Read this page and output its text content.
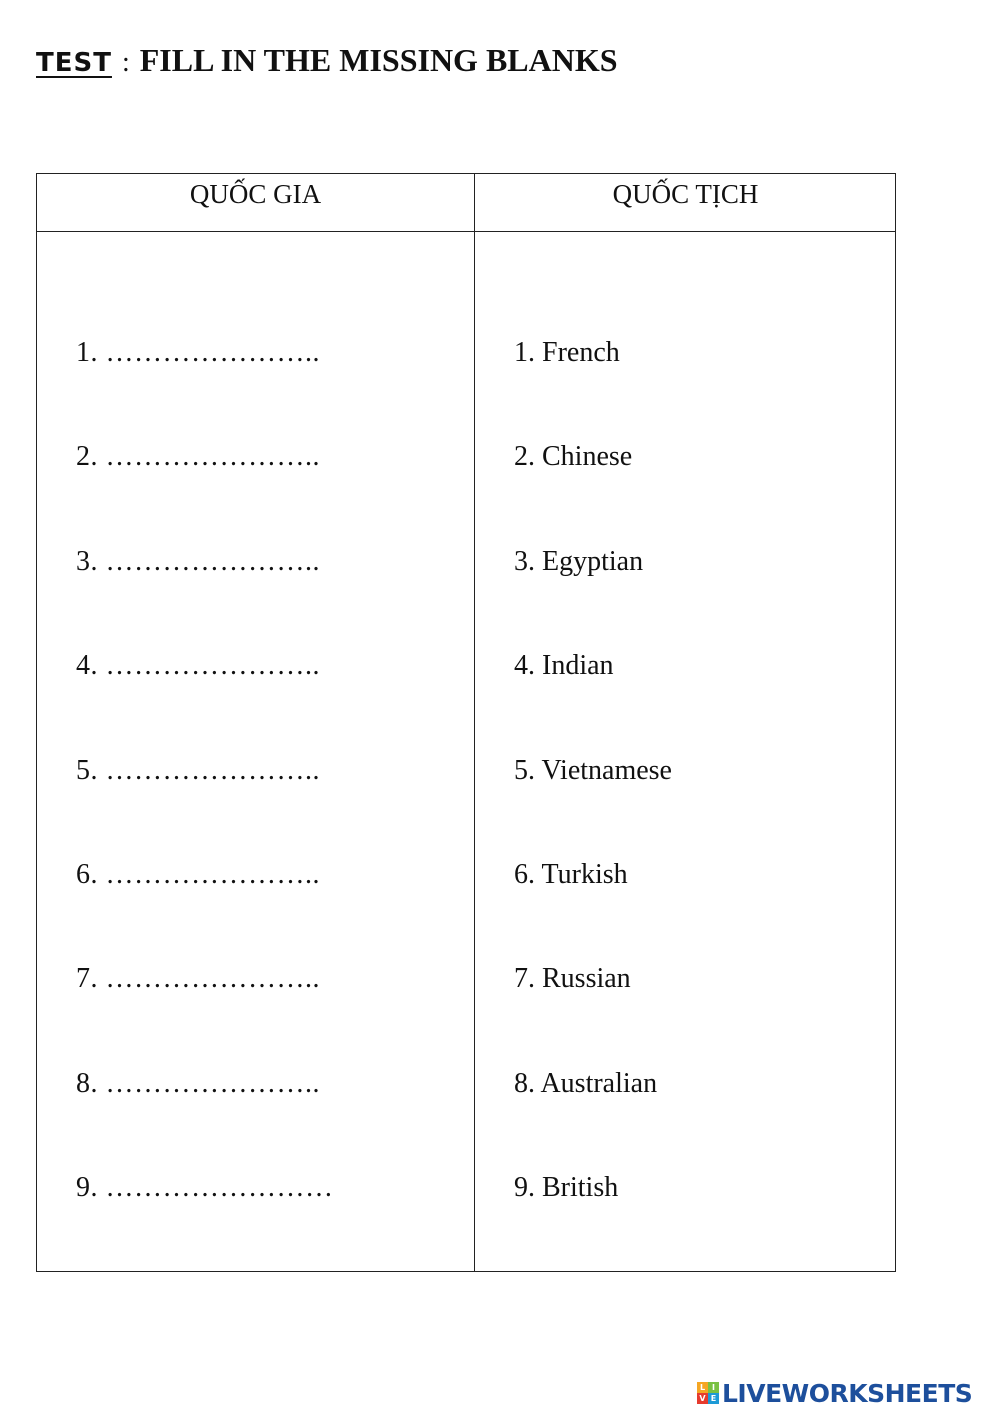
TEST : FILL IN THE MISSING BLANKS
QUỐC GIA	QUỐC TỊCH
1. …………………..
2. …………………..
3. …………………..
4. …………………..
5. …………………..
6. …………………..
7. …………………..
8. …………………..
9. ……………………
1. French
2. Chinese
3. Egyptian
4. Indian
5. Vietnamese
6. Turkish
7. Russian
8. Australian
9. British
L I
V E LIVEWORKSHEETS
